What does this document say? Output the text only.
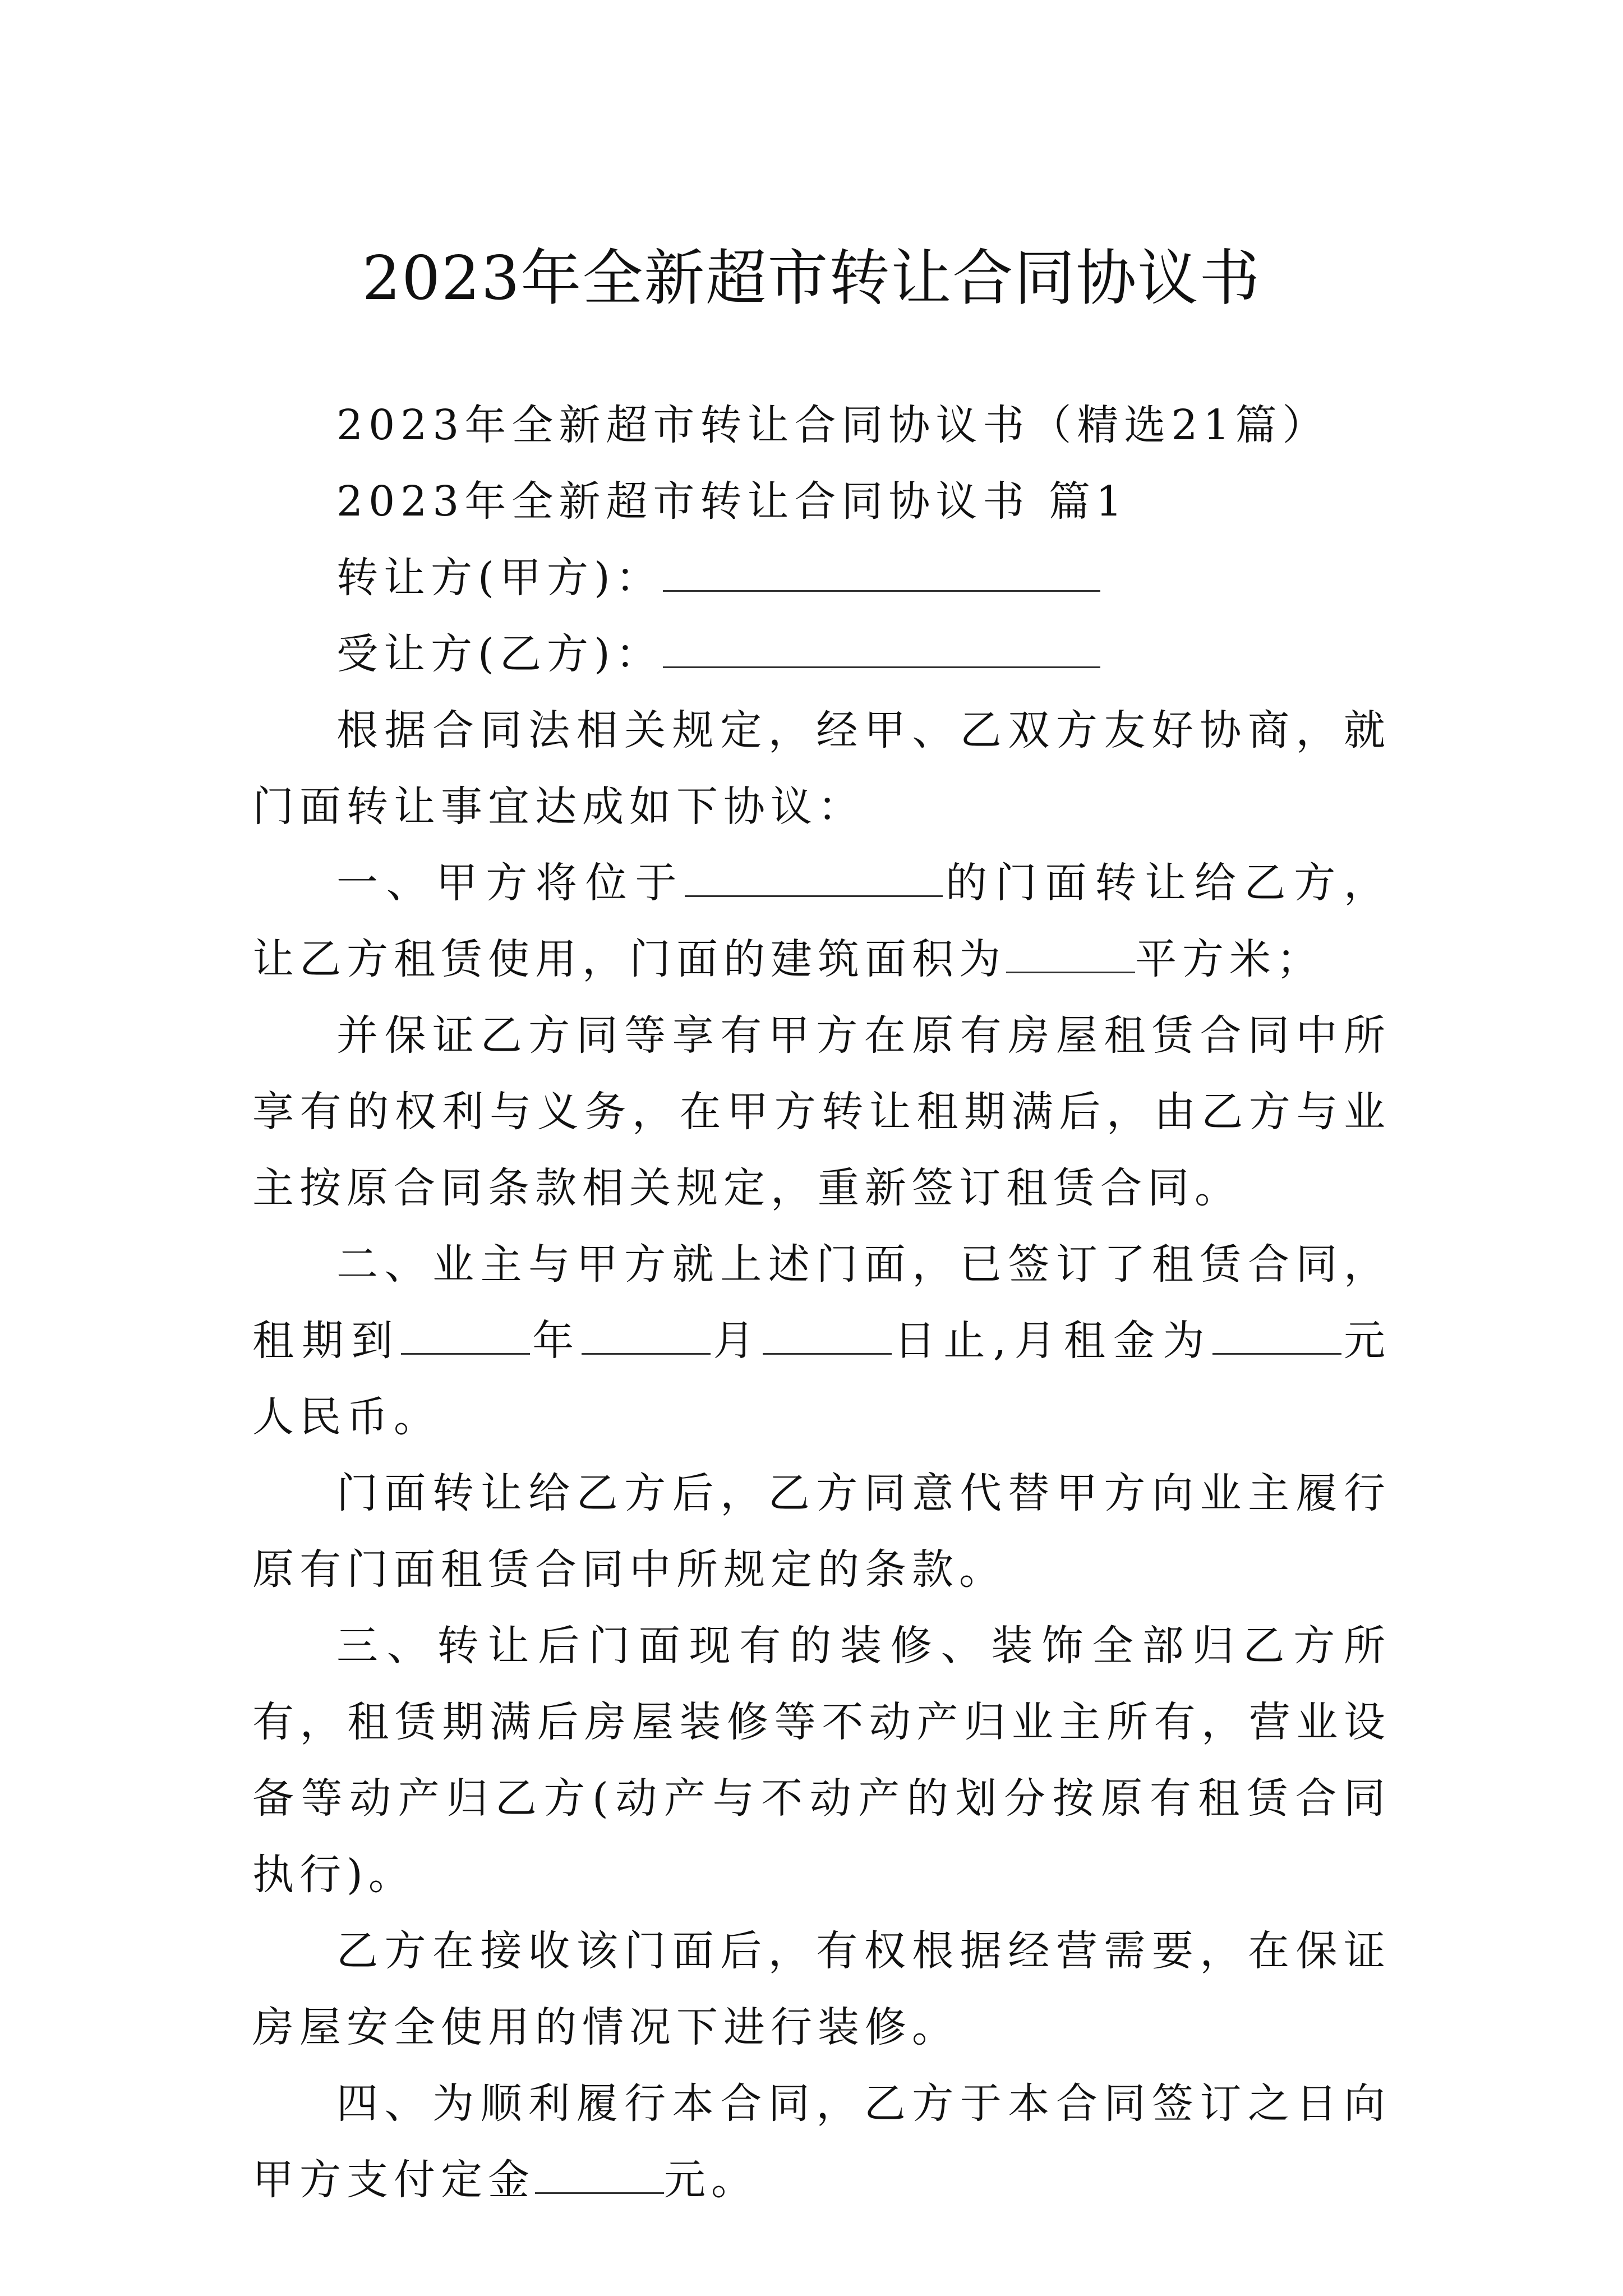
2023年全新超市转让合同协议书

2023年全新超市转让合同协议书（精选21篇）

2023年全新超市转让合同协议书 篇1

转让方(甲方)：

受让方(乙方)：

根据合同法相关规定，经甲、乙双方友好协商，就门面转让事宜达成如下协议：

一、甲方将位于	的门面转让给乙方，让乙方租赁使用，门面的建筑面积为	平方米；

并保证乙方同等享有甲方在原有房屋租赁合同中所享有的权利与义务，在甲方转让租期满后，由乙方与业主按原合同条款相关规定，重新签订租赁合同。

二、业主与甲方就上述门面，已签订了租赁合同，租期到	年	月	日止,月租金为	元人民币。

门面转让给乙方后，乙方同意代替甲方向业主履行原有门面租赁合同中所规定的条款。

三、转让后门面现有的装修、装饰全部归乙方所有，租赁期满后房屋装修等不动产归业主所有，营业设备等动产归乙方(动产与不动产的划分按原有租赁合同执行)。

乙方在接收该门面后，有权根据经营需要，在保证房屋安全使用的情况下进行装修。

四、为顺利履行本合同，乙方于本合同签订之日向甲方支付定金	元。
